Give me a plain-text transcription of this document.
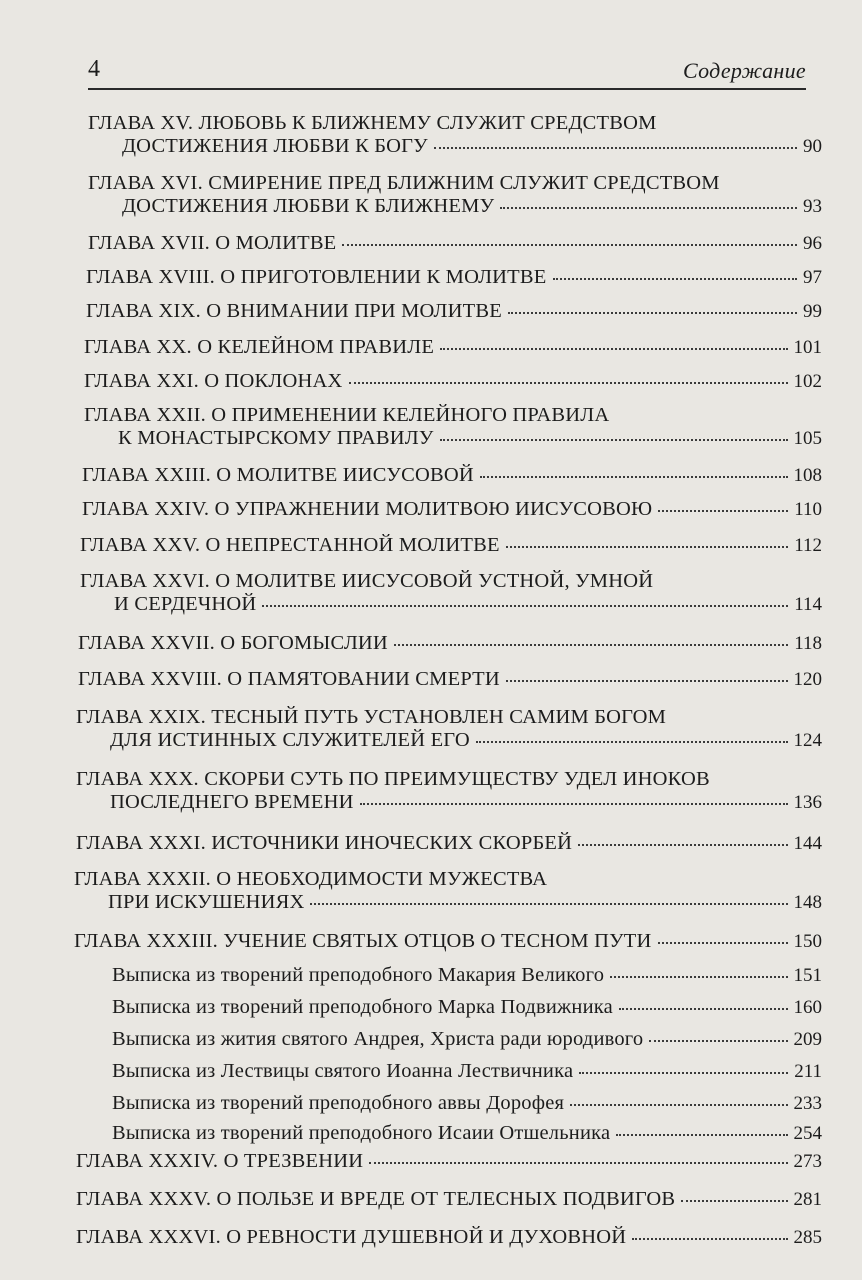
4	Содержание
ГЛАВА XV. ЛЮБОВЬ К БЛИЖНЕМУ СЛУЖИТ СРЕДСТВОМ
ДОСТИЖЕНИЯ ЛЮБВИ К БОГУ	90
ГЛАВА XVI. СМИРЕНИЕ ПРЕД БЛИЖНИМ СЛУЖИТ СРЕДСТВОМ
ДОСТИЖЕНИЯ ЛЮБВИ К БЛИЖНЕМУ	93
ГЛАВА XVII. О МОЛИТВЕ	96
ГЛАВА XVIII. О ПРИГОТОВЛЕНИИ К МОЛИТВЕ	97
ГЛАВА XIX. О ВНИМАНИИ ПРИ МОЛИТВЕ	99
ГЛАВА XX. О КЕЛЕЙНОМ ПРАВИЛЕ	101
ГЛАВА XXI. О ПОКЛОНАХ	102
ГЛАВА XXII. О ПРИМЕНЕНИИ КЕЛЕЙНОГО ПРАВИЛА
К МОНАСТЫРСКОМУ ПРАВИЛУ	105
ГЛАВА XXIII. О МОЛИТВЕ ИИСУСОВОЙ	108
ГЛАВА XXIV. О УПРАЖНЕНИИ МОЛИТВОЮ ИИСУСОВОЮ	110
ГЛАВА XXV. О НЕПРЕСТАННОЙ МОЛИТВЕ	112
ГЛАВА XXVI. О МОЛИТВЕ ИИСУСОВОЙ УСТНОЙ, УМНОЙ
И СЕРДЕЧНОЙ	114
ГЛАВА XXVII. О БОГОМЫСЛИИ	118
ГЛАВА XXVIII. О ПАМЯТОВАНИИ СМЕРТИ	120
ГЛАВА XXIX. ТЕСНЫЙ ПУТЬ УСТАНОВЛЕН САМИМ БОГОМ
ДЛЯ ИСТИННЫХ СЛУЖИТЕЛЕЙ ЕГО	124
ГЛАВА XXX. СКОРБИ СУТЬ ПО ПРЕИМУЩЕСТВУ УДЕЛ ИНОКОВ
ПОСЛЕДНЕГО ВРЕМЕНИ	136
ГЛАВА XXXI. ИСТОЧНИКИ ИНОЧЕСКИХ СКОРБЕЙ	144
ГЛАВА XXXII. О НЕОБХОДИМОСТИ МУЖЕСТВА
ПРИ ИСКУШЕНИЯХ	148
ГЛАВА XXXIII. УЧЕНИЕ СВЯТЫХ ОТЦОВ О ТЕСНОМ ПУТИ	150
Выписка из творений преподобного Макария Великого	151
Выписка из творений преподобного Марка Подвижника	160
Выписка из жития святого Андрея, Христа ради юродивого	209
Выписка из Лествицы святого Иоанна Лествичника	211
Выписка из творений преподобного аввы Дорофея	233
Выписка из творений преподобного Исаии Отшельника	254
ГЛАВА XXXIV. О ТРЕЗВЕНИИ	273
ГЛАВА XXXV. О ПОЛЬЗЕ И ВРЕДЕ ОТ ТЕЛЕСНЫХ ПОДВИГОВ	281
ГЛАВА XXXVI. О РЕВНОСТИ ДУШЕВНОЙ И ДУХОВНОЙ	285
